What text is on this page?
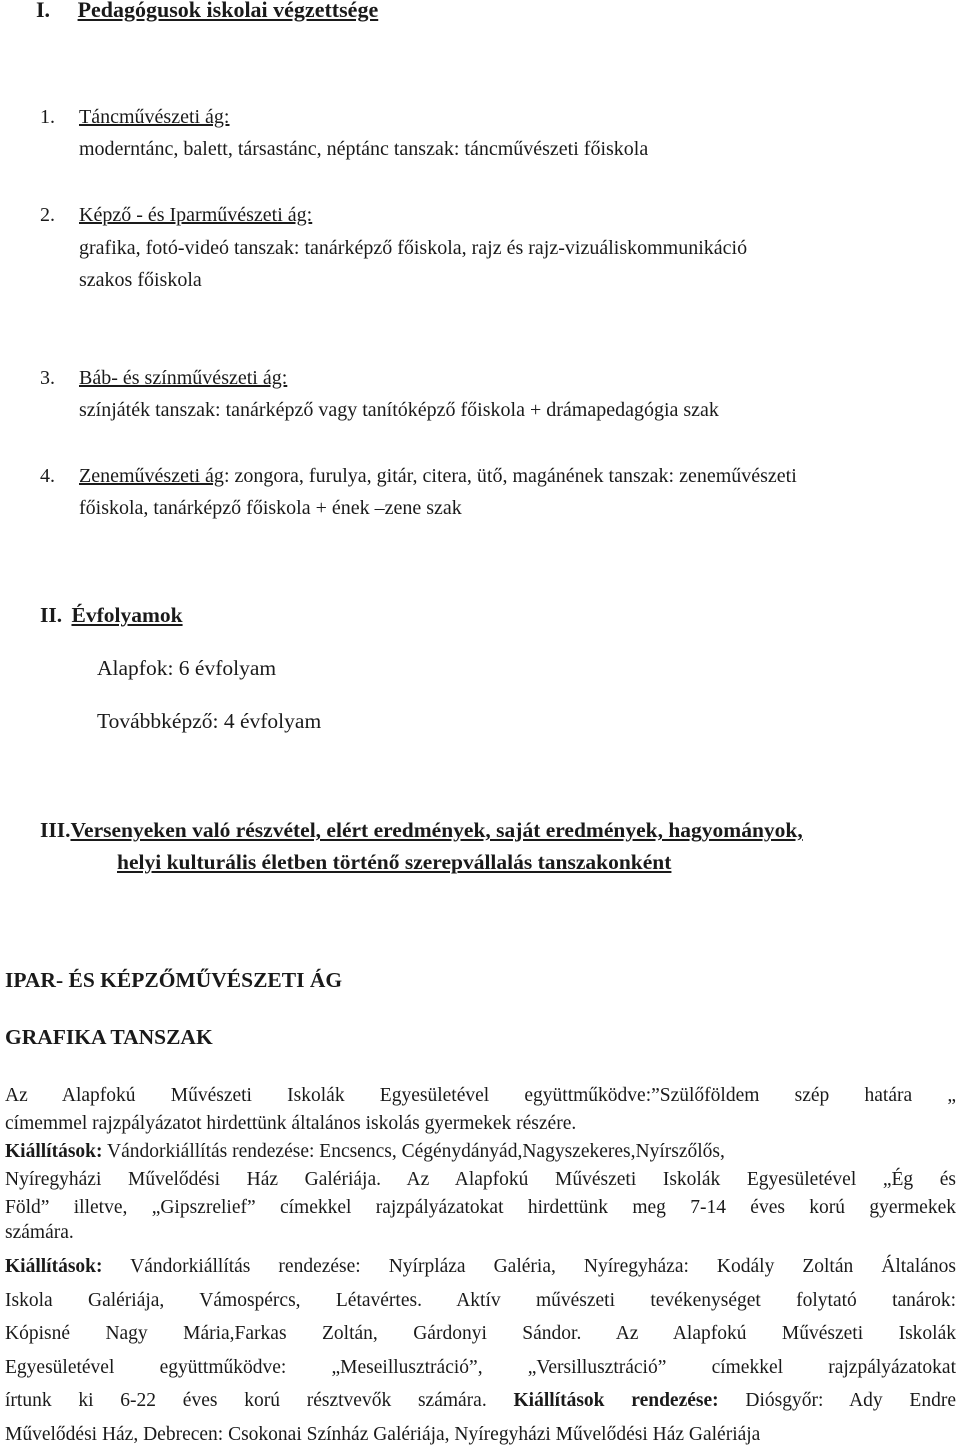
I. Pedagógusok iskolai végzettsége
1. Táncművészeti ág:
moderntánc, balett, társastánc, néptánc tanszak: táncművészeti főiskola
2. Képző - és Iparművészeti ág:
grafika, fotó-videó tanszak: tanárképző főiskola, rajz és rajz-vizuáliskommunikáció
szakos főiskola
3. Báb- és színművészeti ág:
színjáték tanszak: tanárképző vagy tanítóképző főiskola + drámapedagógia szak
4. Zeneművészeti ág: zongora, furulya, gitár, citera, ütő, magánének tanszak: zeneművészeti
főiskola, tanárképző főiskola + ének –zene szak
II. Évfolyamok
Alapfok: 6 évfolyam
Továbbképző: 4 évfolyam
III.Versenyeken való részvétel, elért eredmények, saját eredmények, hagyományok,
helyi kulturális életben történő szerepvállalás tanszakonként
IPAR- ÉS KÉPZŐMŰVÉSZETI ÁG
GRAFIKA TANSZAK
Az Alapfokú Művészeti Iskolák Egyesületével együttműködve:”Szülőföldem szép határa „
címemmel rajzpályázatot hirdettünk általános iskolás gyermekek részére.
Kiállítások: Vándorkiállítás rendezése: Encsencs, Cégénydányád,Nagyszekeres,Nyírszőlős,
Nyíregyházi Művelődési Ház Galériája. Az Alapfokú Művészeti Iskolák Egyesületével „Ég és
Föld” illetve, „Gipszrelief” címekkel rajzpályázatokat hirdettünk meg 7-14 éves korú gyermekek
számára.
Kiállítások: Vándorkiállítás rendezése: Nyírpláza Galéria, Nyíregyháza: Kodály Zoltán Általános
Iskola Galériája, Vámospércs, Létavértes. Aktív művészeti tevékenységet folytató tanárok:
Kópisné Nagy Mária,Farkas Zoltán, Gárdonyi Sándor. Az Alapfokú Művészeti Iskolák
Egyesületével együttműködve: „Meseillusztráció”, „Versillusztráció” címekkel rajzpályázatokat
írtunk ki 6-22 éves korú résztvevők számára. Kiállítások rendezése: Diósgyőr: Ady Endre
Művelődési Ház, Debrecen: Csokonai Színház Galériája, Nyíregyházi Művelődési Ház Galériája
